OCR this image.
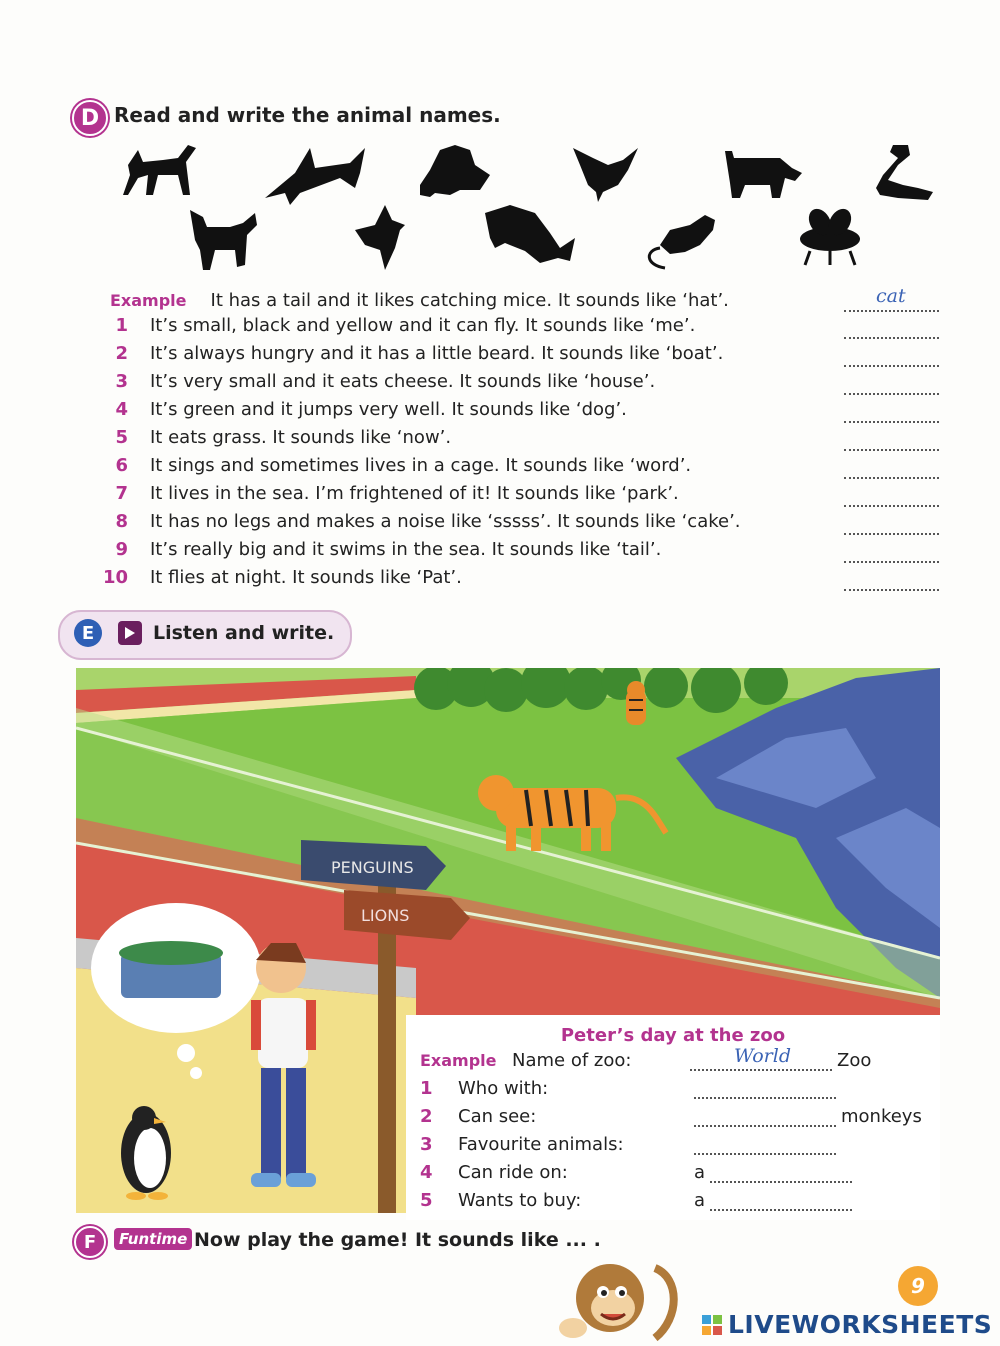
D Read and write the animal names.
Example It has a tail and it likes catching mice. It sounds like ‘hat’.	cat
1 It’s small, black and yellow and it can fly. It sounds like ‘me’.
2 It’s always hungry and it has a little beard. It sounds like ‘boat’.
3 It’s very small and it eats cheese. It sounds like ‘house’.
4 It’s green and it jumps very well. It sounds like ‘dog’.
5 It eats grass. It sounds like ‘now’.
6 It sings and sometimes lives in a cage. It sounds like ‘word’.
7 It lives in the sea. I’m frightened of it! It sounds like ‘park’.
8 It has no legs and makes a noise like ‘sssss’. It sounds like ‘cake’.
9 It’s really big and it swims in the sea. It sounds like ‘tail’.
10 It flies at night. It sounds like ‘Pat’.
E	Listen and write.
PENGUINS
LIONS
Peter’s day at the zoo
Example Name of zoo:	World	Zoo
1 Who with:
2 Can see:	monkeys
3 Favourite animals:
4 Can ride on:	a
5 Wants to buy:	a
F	Funtime Now play the game! It sounds like ... .
9
LIVEWORKSHEETS
